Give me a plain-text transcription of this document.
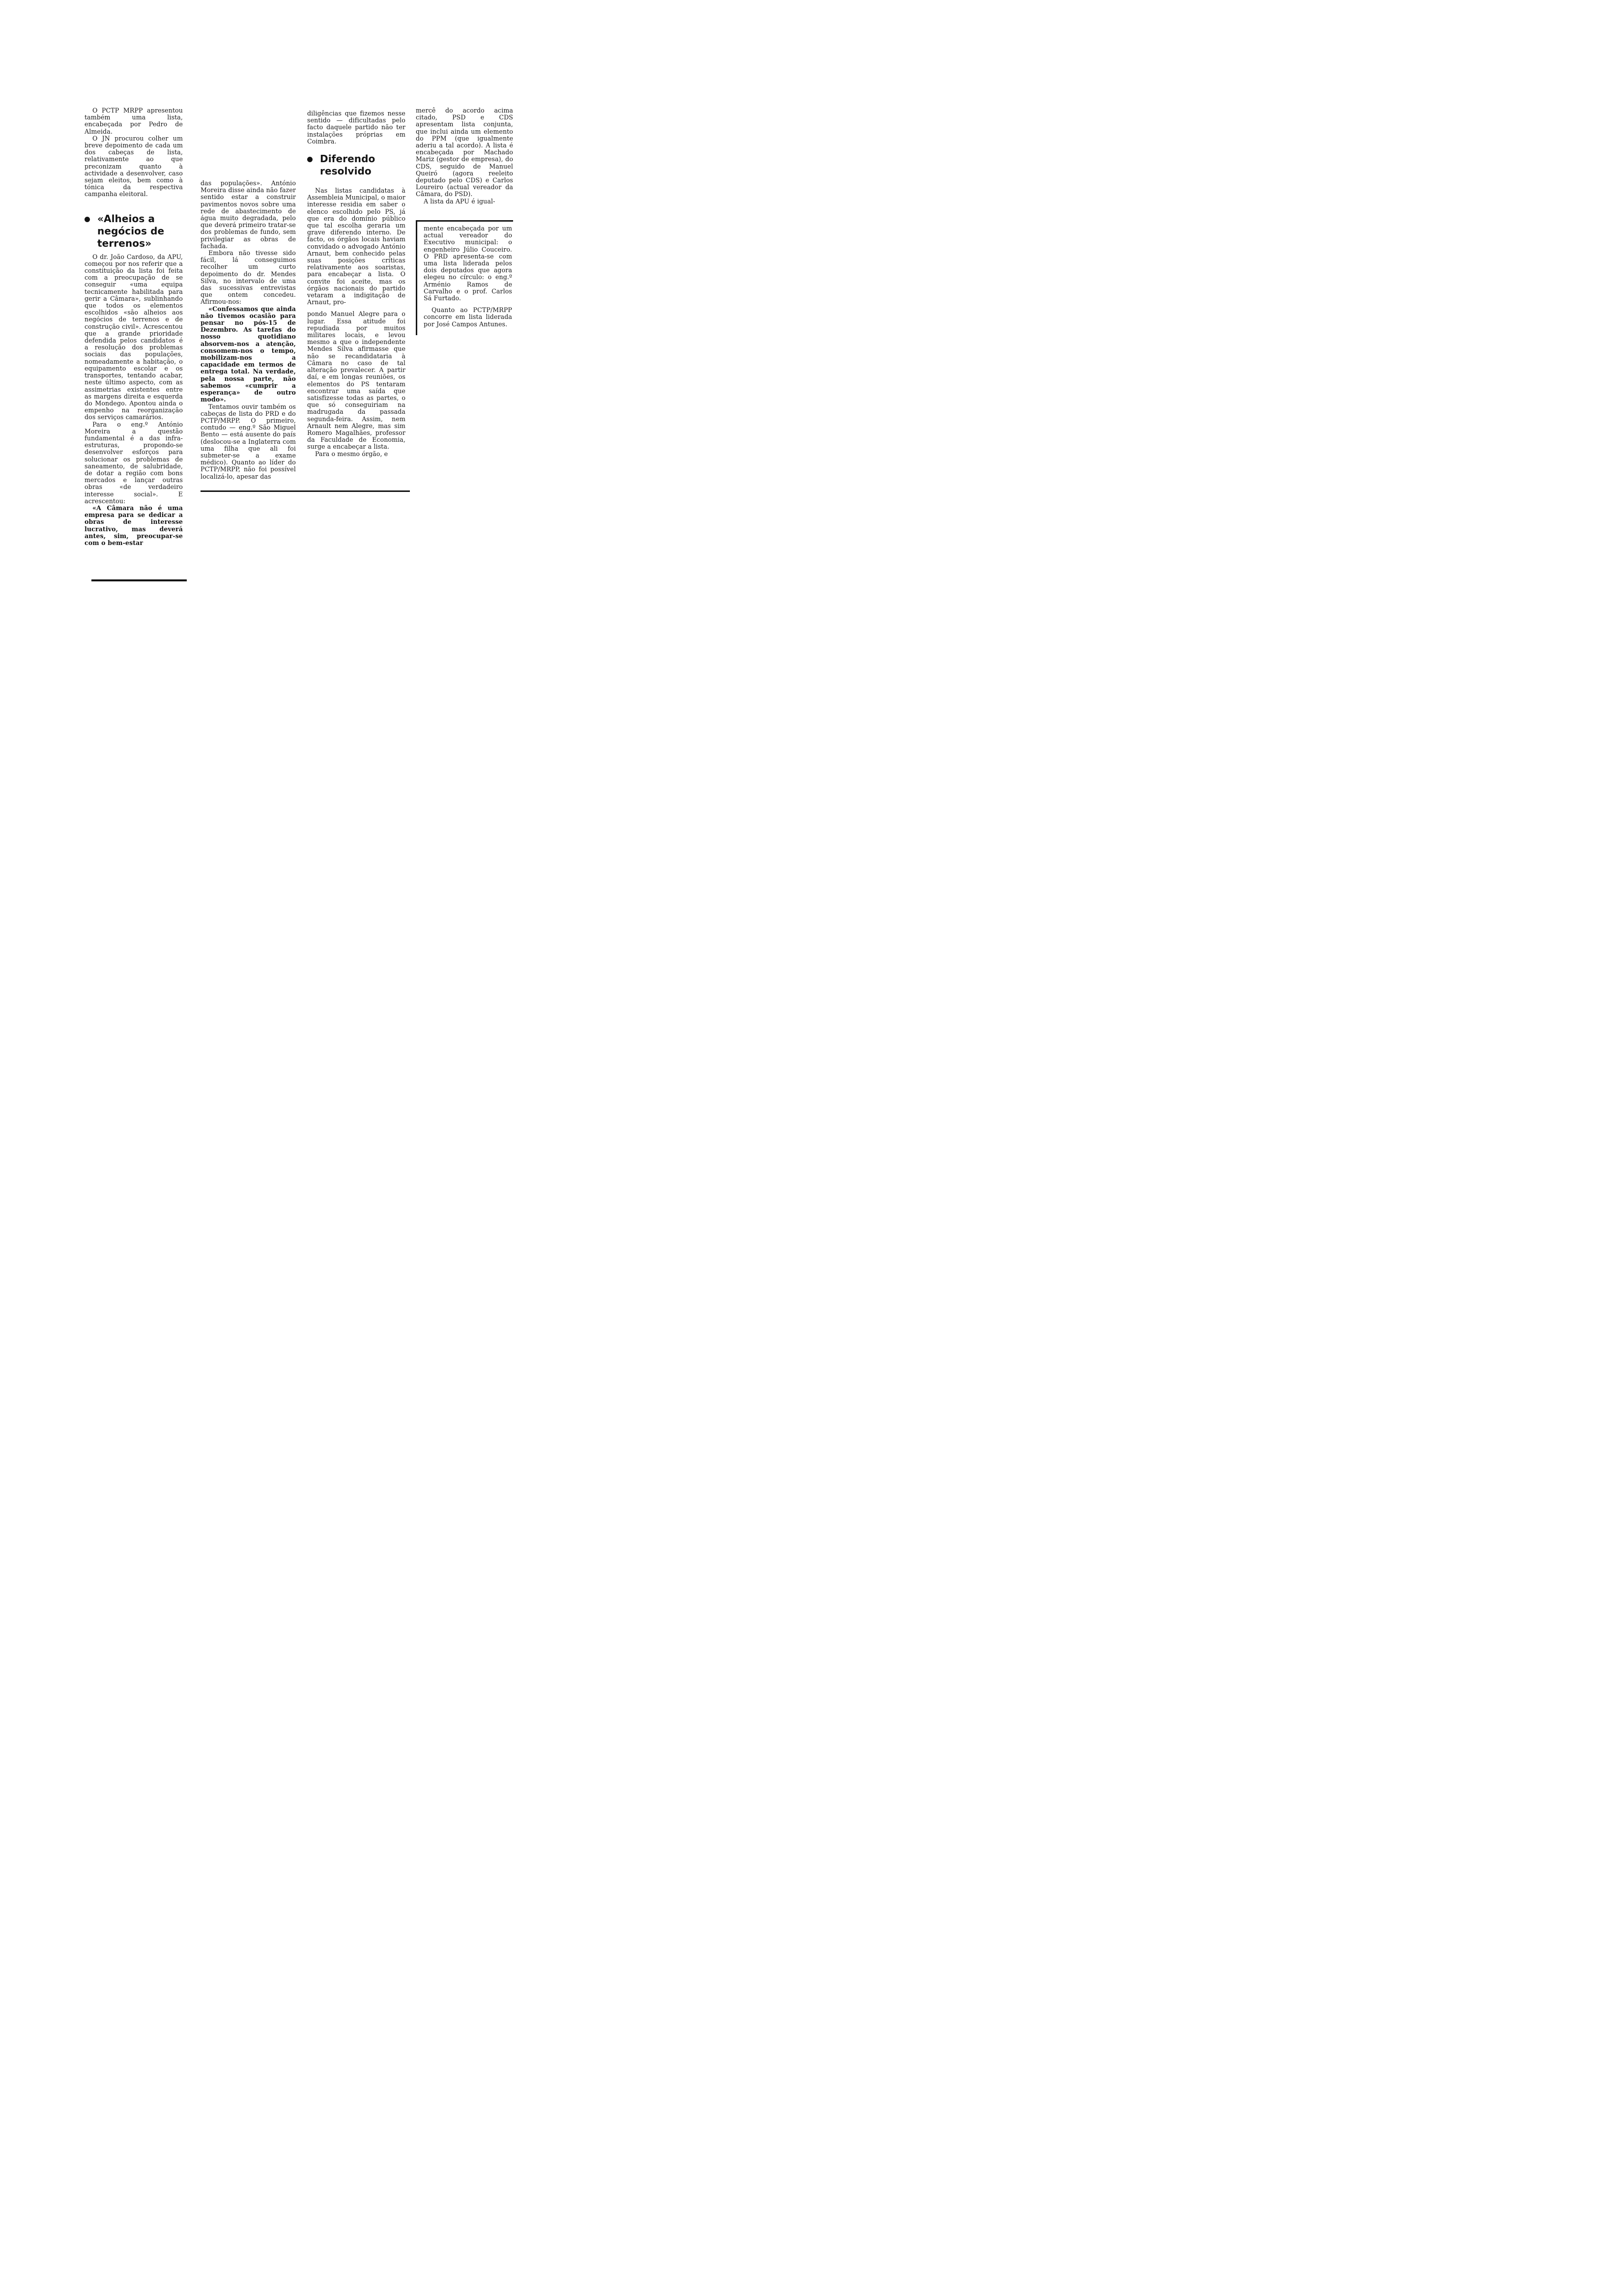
O PCTP MRPP apresentou também uma lista, encabeçada por Pedro de Almeida.

O JN procurou colher um breve depoimento de cada um dos cabeças de lista, relativamente ao que preconizam quanto à actividade a desenvolver, caso sejam eleitos, bem como à tónica da respectiva campanha eleitoral.

«Alheios a negócios de terrenos»

O dr. João Cardoso, da APU, começou por nos referir que a constituição da lista foi feita com a preocupação de se conseguir «uma equipa tecnicamente habilitada para gerir a Câmara», sublinhando que todos os elementos escolhidos «são alheios aos negócios de terrenos e de construção civil». Acrescentou que a grande prioridade defendida pelos candidatos é a resolução dos problemas sociais das populações, nomeadamente a habitação, o equipamento escolar e os transportes, tentando acabar, neste último aspecto, com as assimetrias existentes entre as margens direita e esquerda do Mondego. Apontou ainda o empenho na reorganização dos serviços camarários.

Para o eng.º António Moreira a questão fundamental é a das infra-estruturas, propondo-se desenvolver esforços para solucionar os problemas de saneamento, de salubridade, de dotar a região com bons mercados e lançar outras obras «de verdadeiro interesse social». E acrescentou:

«A Câmara não é uma empresa para se dedicar a obras de interesse lucrativo, mas deverá antes, sim, preocupar-se com o bem-estar

das populações». António Moreira disse ainda não fazer sentido estar a construir pavimentos novos sobre uma rede de abastecimento de água muito degradada, pelo que deverá primeiro tratar-se dos problemas de fundo, sem privilegiar as obras de fachada.

Embora não tivesse sido fácil, lá conseguimos recolher um curto depoimento do dr. Mendes Silva, no intervalo de uma das sucessivas entrevistas que ontem concedeu. Afirmou-nos:

«Confessamos que ainda não tivemos ocasião para pensar no pós-15 de Dezembro. As tarefas do nosso quotidiano absorvem-nos a atenção, consomem-nos o tempo, mobilizam-nos a capacidade em termos de entrega total. Na verdade, pela nossa parte, não sabemos «cumprir a esperança» de outro modo».

Tentamos ouvir também os cabeças de lista do PRD e do PCTP/MRPP. O primeiro, contudo — eng.º São Miguel Bento — está ausente do país (deslocou-se a Inglaterra com uma filha que ali foi submeter-se a exame médico). Quanto ao líder do PCTP/MRPP, não foi possível localizá-lo, apesar das

diligências que fizemos nesse sentido — dificultadas pelo facto daquele partido não ter instalações próprias em Coimbra.

Diferendo resolvido

Nas listas candidatas à Assembleia Municipal, o maior interesse residia em saber o elenco escolhido pelo PS, já que era do domínio público que tal escolha geraria um grave diferendo interno. De facto, os órgãos locais haviam convidado o advogado António Arnaut, bem conhecido pelas suas posições críticas relativamente aos soaristas, para encabeçar a lista. O convite foi aceite, mas os órgãos nacionais do partido vetaram a indigitação de Arnaut, pro-

pondo Manuel Alegre para o lugar. Essa atitude foi repudiada por muitos militares locais, e levou mesmo a que o independente Mendes Silva afirmasse que não se recandidataria à Câmara no caso de tal alteração prevalecer. A partir daí, e em longas reuniões, os elementos do PS tentaram encontrar uma saída que satisfizesse todas as partes, o que só conseguiriam na madrugada da passada segunda-feira. Assim, nem Arnault nem Alegre, mas sim Romero Magalhães, professor da Faculdade de Economia, surge a encabeçar a lista.

Para o mesmo órgão, e

mercê do acordo acima citado, PSD e CDS apresentam lista conjunta, que inclui ainda um elemento do PPM (que igualmente aderiu a tal acordo). A lista é encabeçada por Machado Mariz (gestor de empresa), do CDS, seguido de Manuel Queiró (agora reeleito deputado pelo CDS) e Carlos Loureiro (actual vereador da Câmara, do PSD).

A lista da APU é igual-

mente encabeçada por um actual vereador do Executivo municipal: o engenheiro Júlio Couceiro. O PRD apresenta-se com uma lista liderada pelos dois deputados que agora elegeu no círculo: o eng.º Arménio Ramos de Carvalho e o prof. Carlos Sá Furtado.

Quanto ao PCTP/MRPP concorre em lista liderada por José Campos Antunes.
